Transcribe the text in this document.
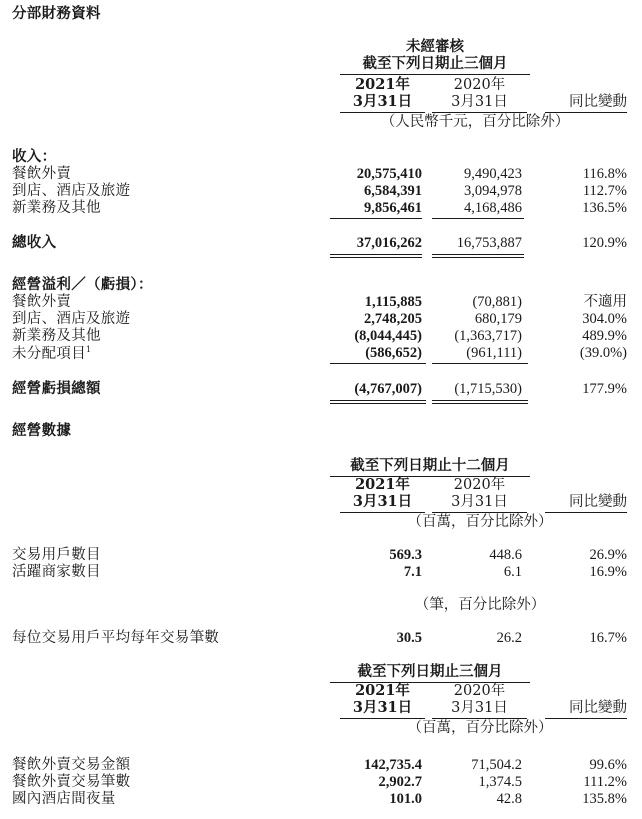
分部財務資料
未經審核
截至下列日期止三個月
2021年	2020年
3月31日	3月31日	同比變動
（人民幣千元，百分比除外）
收入：
餐飲外賣	20,575,410	9,490,423	116.8%
到店、酒店及旅遊	6,584,391	3,094,978	112.7%
新業務及其他	9,856,461	4,168,486	136.5%
總收入	37,016,262 16,753,887	120.9%
經營溢利／（虧損）：
餐飲外賣	1,115,885	(70,881)	不適用
到店、酒店及旅遊	2,748,205	680,179	304.0%
新業務及其他	(8,044,445) (1,363,717)	489.9%
未分配項目$^1$	(586,652)	(961,111)	(39.0%)
經營虧損總額	(4,767,007) (1,715,530)	177.9%
經營數據
截至下列日期止十二個月
2021年	2020年
3月31日	3月31日	同比變動
（百萬，百分比除外）
交易用戶數目	569.3	448.6	26.9%
活躍商家數目	7.1	6.1	16.9%
（筆，百分比除外）
每位交易用戶平均每年交易筆數	30.5	26.2	16.7%
截至下列日期止三個月
2021年	2020年
3月31日	3月31日	同比變動
（百萬，百分比除外）
餐飲外賣交易金額	142,735.4	71,504.2	99.6%
餐飲外賣交易筆數	2,902.7	1,374.5	111.2%
國內酒店間夜量	101.0	42.8	135.8%
